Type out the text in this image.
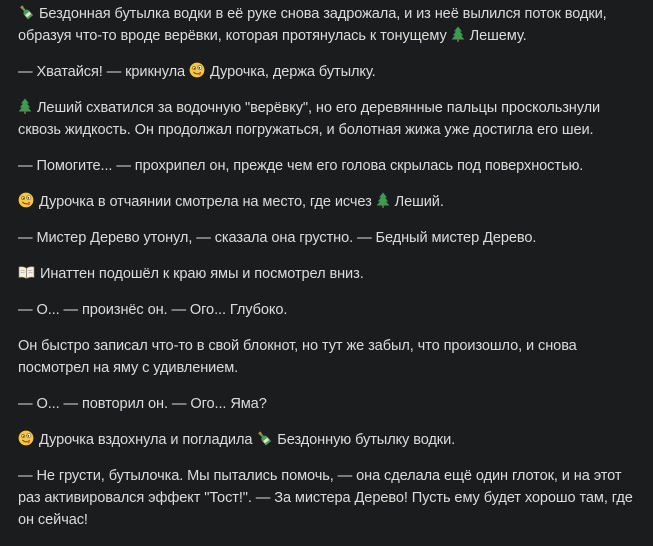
Бездонная бутылка водки в её руке снова задрожала, и из неё вылился поток водки, образуя что-то вроде верёвки, которая протянулась к тонущему
Лешему.

— Хватайся! — крикнула
Дурочка, держа бутылку.

Леший схватился за водочную "верёвку", но его деревянные пальцы проскользнули сквозь жидкость. Он продолжал погружаться, и болотная жижа уже достигла его шеи.

— Помогите... — прохрипел он, прежде чем его голова скрылась под поверхностью.

Дурочка в отчаянии смотрела на место, где исчез
Леший.

— Мистер Дерево утонул, — сказала она грустно. — Бедный мистер Дерево.

Инаттен подошёл к краю ямы и посмотрел вниз.

— О... — произнёс он. — Ого... Глубоко.

Он быстро записал что-то в свой блокнот, но тут же забыл, что произошло, и снова посмотрел на яму с удивлением.

— О... — повторил он. — Ого... Яма?

Дурочка вздохнула и погладила
Бездонную бутылку водки.

— Не грусти, бутылочка. Мы пытались помочь, — она сделала ещё один глоток, и на этот раз активировался эффект "Тост!". — За мистера Дерево! Пусть ему будет хорошо там, где он сейчас!
